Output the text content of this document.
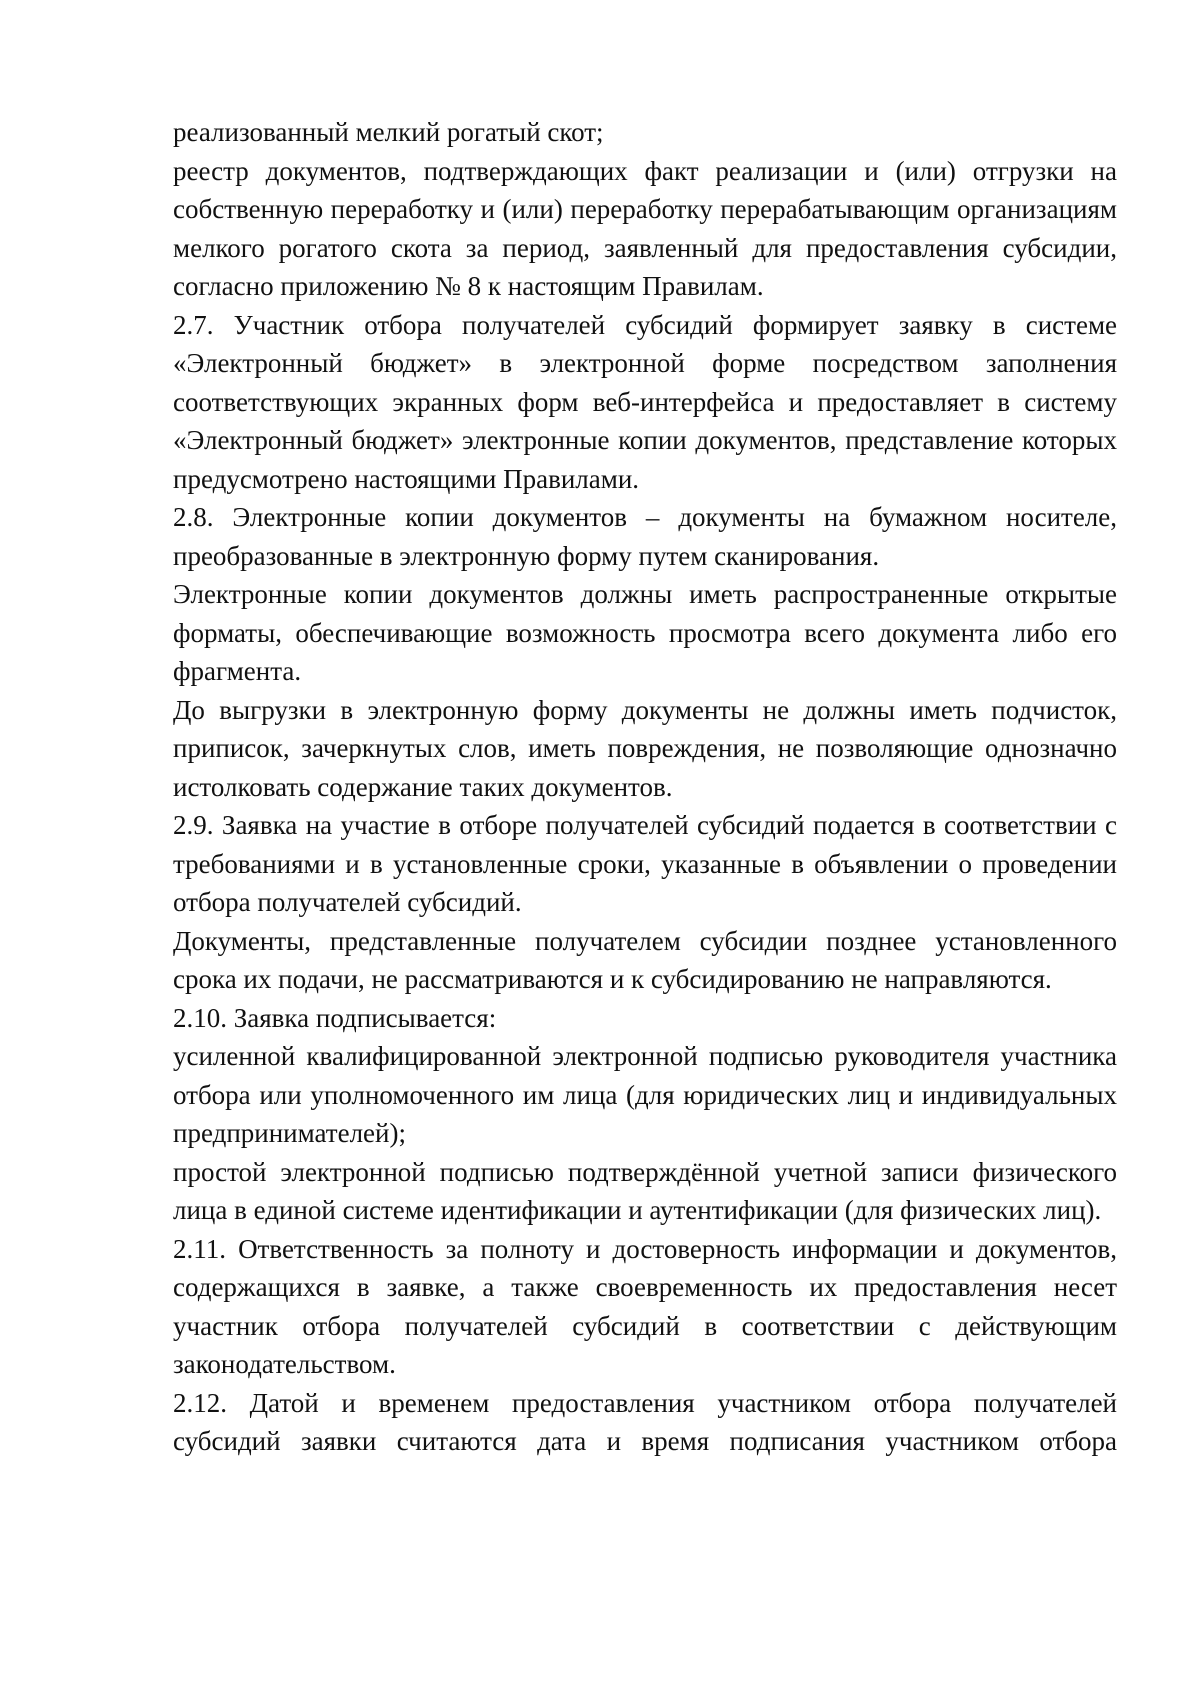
реализованный мелкий рогатый скот;

реестр документов, подтверждающих факт реализации и (или) отгрузки на собственную переработку и (или) переработку перерабатывающим организациям мелкого рогатого скота за период, заявленный для предоставления субсидии, согласно приложению № 8 к настоящим Правилам.

2.7. Участник отбора получателей субсидий формирует заявку в системе «Электронный бюджет» в электронной форме посредством заполнения соответствующих экранных форм веб-интерфейса и предоставляет в систему «Электронный бюджет» электронные копии документов, представление которых предусмотрено настоящими Правилами.

2.8. Электронные копии документов – документы на бумажном носителе, преобразованные в электронную форму путем сканирования.

Электронные копии документов должны иметь распространенные открытые форматы, обеспечивающие возможность просмотра всего документа либо его фрагмента.

До выгрузки в электронную форму документы не должны иметь подчисток, приписок, зачеркнутых слов, иметь повреждения, не позволяющие однозначно истолковать содержание таких документов.

2.9. Заявка на участие в отборе получателей субсидий подается в соответствии с требованиями и в установленные сроки, указанные в объявлении о проведении отбора получателей субсидий.

Документы, представленные получателем субсидии позднее установленного срока их подачи, не рассматриваются и к субсидированию не направляются.

2.10. Заявка подписывается:

усиленной квалифицированной электронной подписью руководителя участника отбора или уполномоченного им лица (для юридических лиц и индивидуальных предпринимателей);

простой электронной подписью подтверждённой учетной записи физического лица в единой системе идентификации и аутентификации (для физических лиц).

2.11. Ответственность за полноту и достоверность информации и документов, содержащихся в заявке, а также своевременность их предоставления несет участник отбора получателей субсидий в соответствии с действующим законодательством.

2.12. Датой и временем предоставления участником отбора получателей субсидий заявки считаются дата и время подписания участником отбора
